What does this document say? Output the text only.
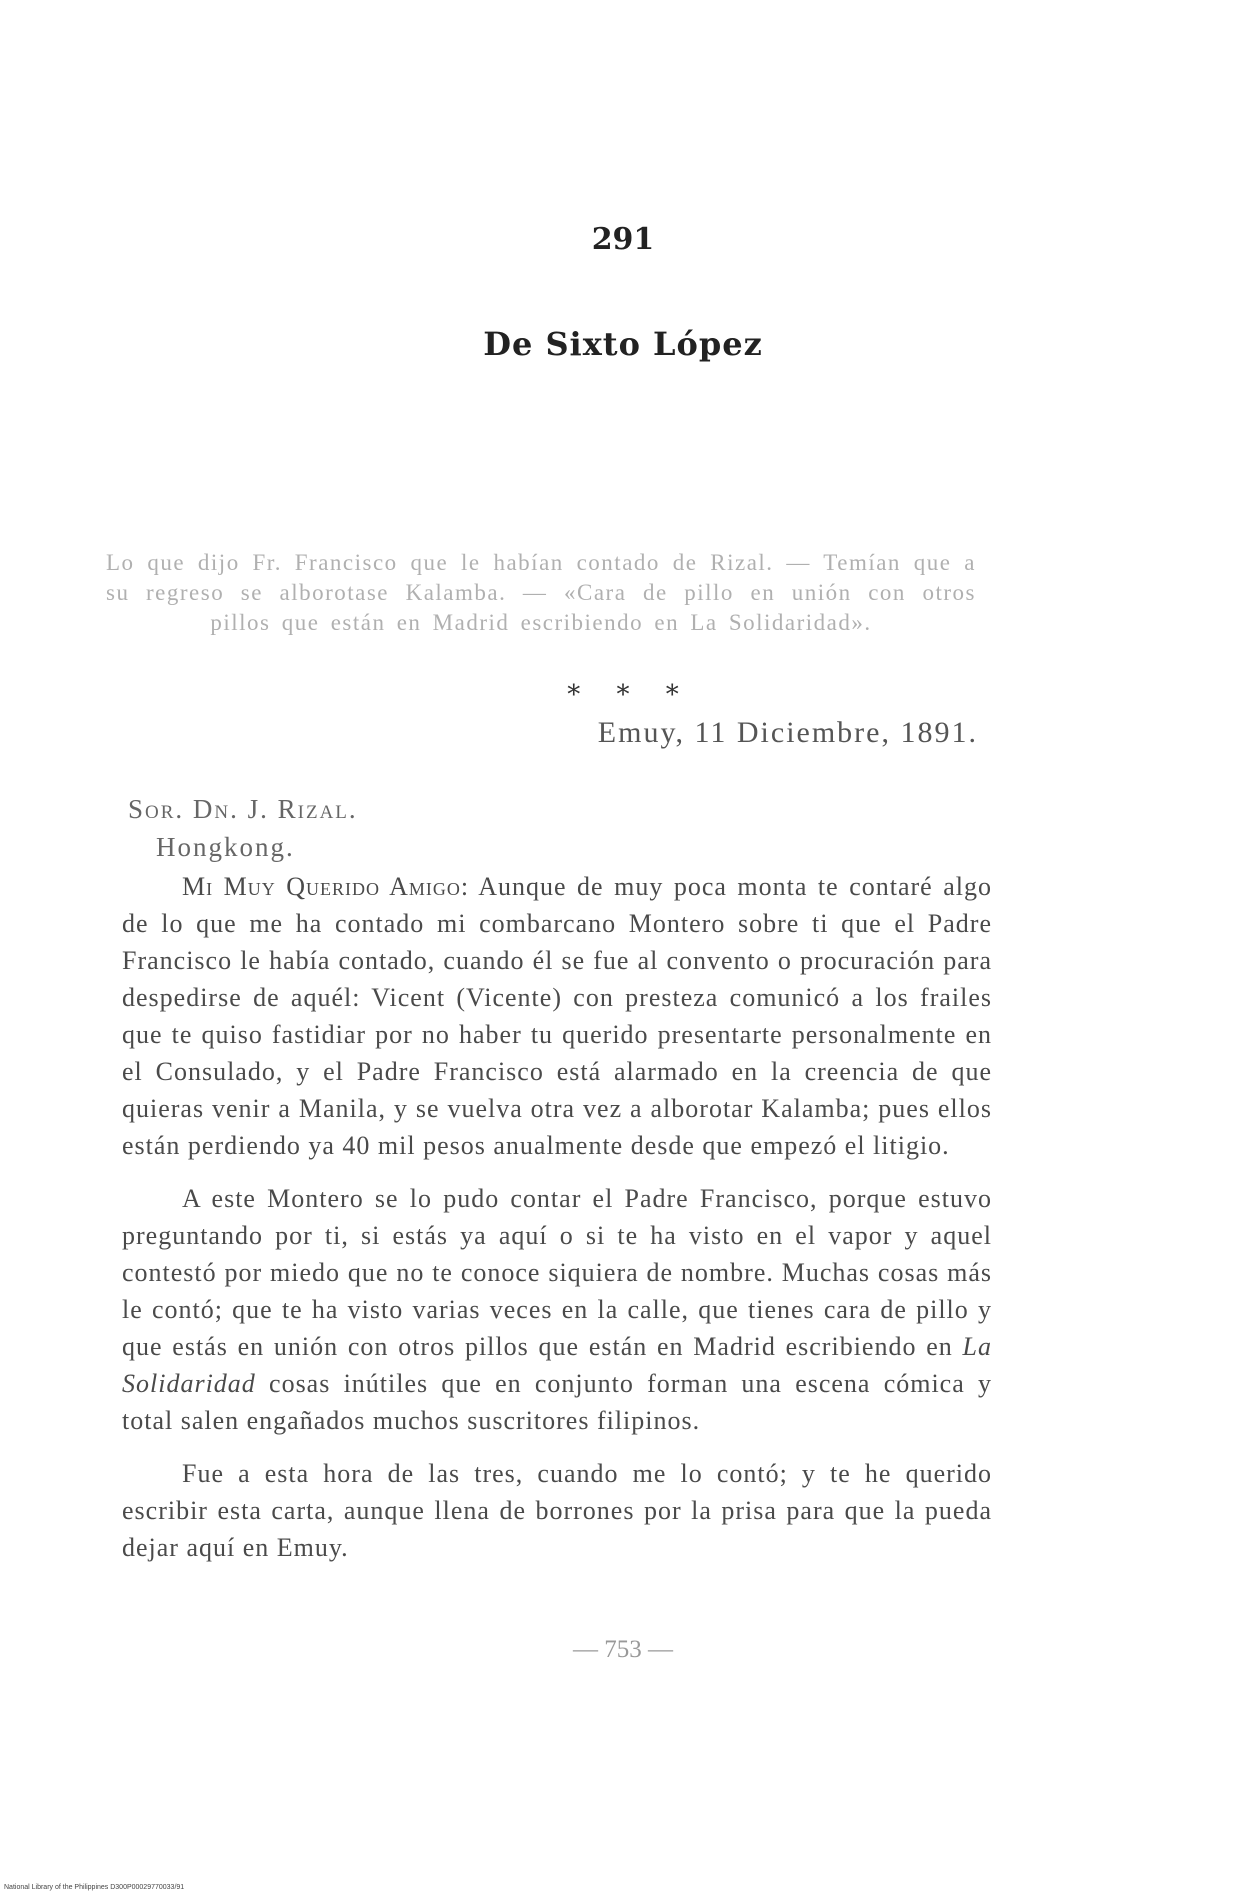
291
De Sixto López
Lo que dijo Fr. Francisco que le habían contado de Rizal. — Temían que a su regreso se alborotase Kalamba. — «Cara de pillo en unión con otros pillos que están en Madrid escribiendo en La Solidaridad».
* * *
Emuy, 11 Diciembre, 1891.
Sor. Dn. J. Rizal.
Hongkong.

Mi Muy Querido Amigo: Aunque de muy poca monta te contaré algo de lo que me ha contado mi combarcano Montero sobre ti que el Padre Francisco le había contado, cuando él se fue al convento o procuración para despedirse de aquél: Vicent (Vicente) con presteza comunicó a los frailes que te quiso fastidiar por no haber tu querido presentarte personalmente en el Consulado, y el Padre Francisco está alarmado en la creencia de que quieras venir a Manila, y se vuelva otra vez a alborotar Kalamba; pues ellos están perdiendo ya 40 mil pesos anualmente desde que empezó el litigio.

A este Montero se lo pudo contar el Padre Francisco, porque estuvo preguntando por ti, si estás ya aquí o si te ha visto en el vapor y aquel contestó por miedo que no te conoce siquiera de nombre. Muchas cosas más le contó; que te ha visto varias veces en la calle, que tienes cara de pillo y que estás en unión con otros pillos que están en Madrid escribiendo en La Solidaridad cosas inútiles que en conjunto forman una escena cómica y total salen engañados muchos suscritores filipinos.

Fue a esta hora de las tres, cuando me lo contó; y te he querido escribir esta carta, aunque llena de borrones por la prisa para que la pueda dejar aquí en Emuy.

— 753 —
National Library of the Philippines D300P00029770033/91
